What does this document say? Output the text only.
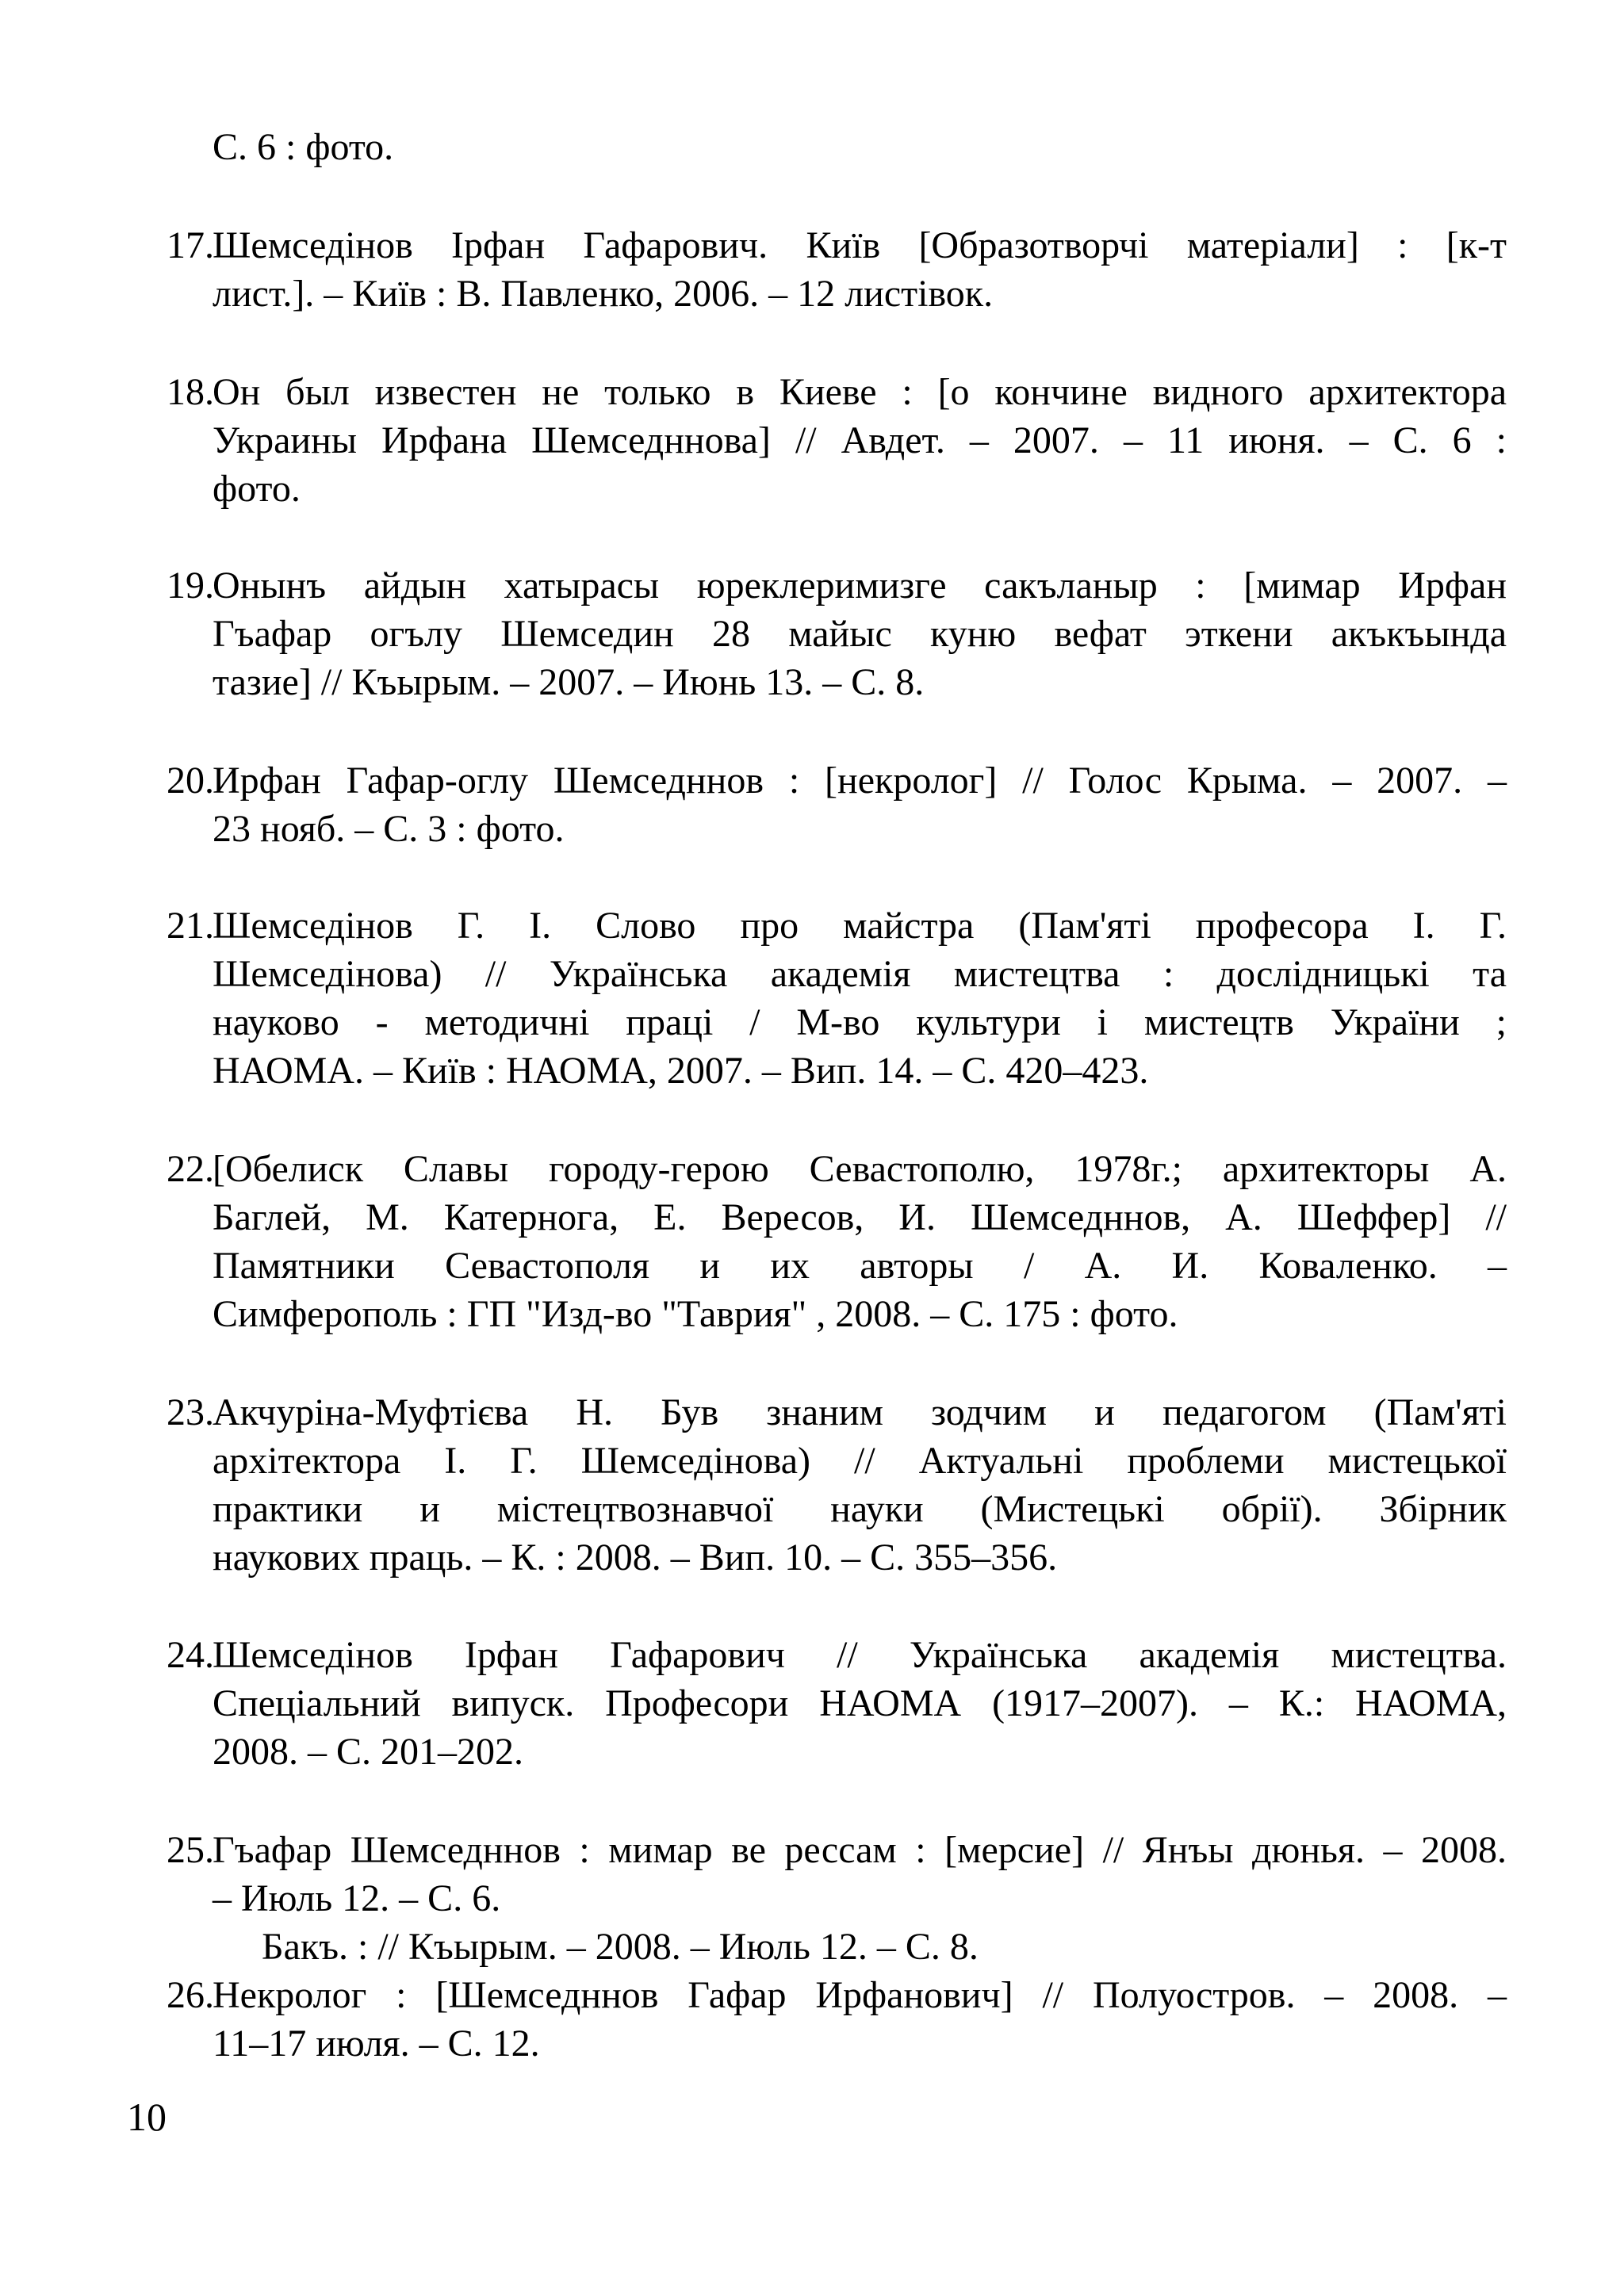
С. 6 : фото.
17.
Шемседінов Ірфан Гафарович. Київ [Образотворчі матеріали] : [к-т
лист.]. – Київ : В. Павленко, 2006. – 12 листівок.
18.
Он был известен не только в Киеве : [о кончине видного архитектора
Украины Ирфана Шемседннова] // Авдет. – 2007. – 11 июня. – С. 6 :
фото.
19.
Онынъ айдын хатырасы юреклеримизге сакъланыр : [мимар Ирфан
Гъафар огълу Шемседин 28 майыс куню вефат эткени акъкъында
тазие] // Къырым. – 2007. – Июнь 13. – С. 8.
20.
Ирфан Гафар-оглу Шемседннов : [некролог] // Голос Крыма. – 2007. –
23 нояб. – С. 3 : фото.
21.
Шемседінов Г. І. Слово про майстра (Пам'яті професора І. Г.
Шемседінова) // Українська академія мистецтва : дослідницькі та
науково - методичні праці / М-во культури і мистецтв України ;
НАОМА. – Київ : НАОМА, 2007. – Вип. 14. – С. 420–423.
22.
[Обелиск Славы городу-герою Севастополю, 1978г.; архитекторы А.
Баглей, М. Катернога, Е. Вересов, И. Шемседннов, А. Шеффер] //
Памятники Севастополя и их авторы / А. И. Коваленко. –
Симферополь : ГП "Изд-во "Таврия" , 2008. – С. 175 : фото.
23.
Акчуріна-Муфтієва Н. Був знаним зодчим и педагогом (Пам'яті
архітектора І. Г. Шемседінова) // Актуальні проблеми мистецької
практики и містецтвознавчої науки (Мистецькі обрії). Збірник
наукових праць. – К. : 2008. – Вип. 10. – С. 355–356.
24.
Шемседінов Ірфан Гафарович // Українська академія мистецтва.
Спеціальний випуск. Професори НАОМА (1917–2007). – К.: НАОМА,
2008. – С. 201–202.
25.
Гъафар Шемседннов : мимар ве рессам : [мерсие] // Янъы дюнья. – 2008.
– Июль 12. – С. 6.
Бакъ. : // Къырым. – 2008. – Июль 12. – С. 8.
26.
Некролог : [Шемседннов Гафар Ирфанович] // Полуостров. – 2008. –
11–17 июля. – С. 12.
10
